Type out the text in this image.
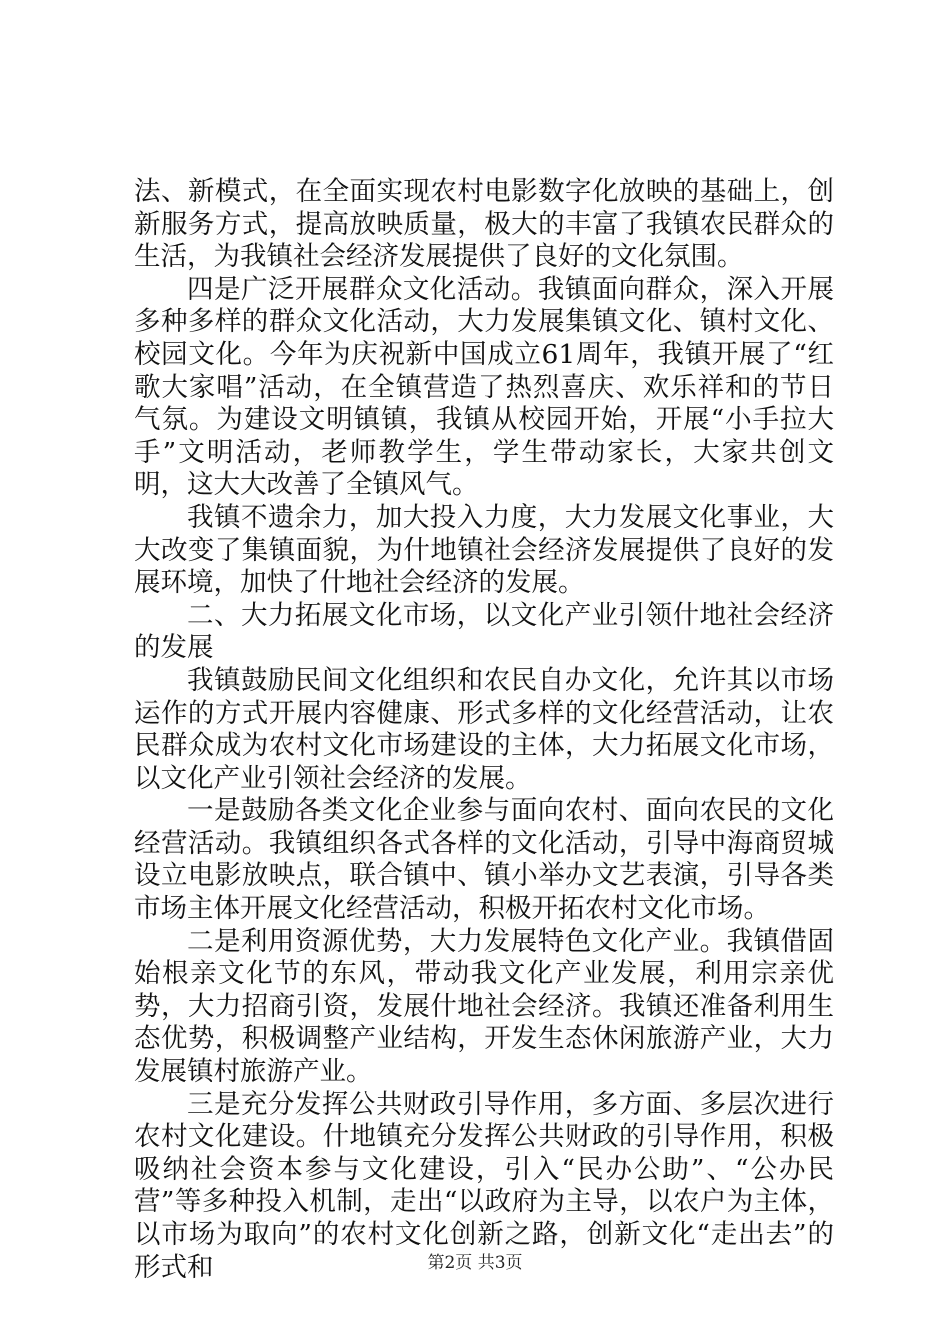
法、新模式，在全面实现农村电影数字化放映的基础上，创新服务方式，提高放映质量，极大的丰富了我镇农民群众的生活，为我镇社会经济发展提供了良好的文化氛围。

四是广泛开展群众文化活动。我镇面向群众，深入开展多种多样的群众文化活动，大力发展集镇文化、镇村文化、校园文化。今年为庆祝新中国成立61周年，我镇开展了“红歌大家唱”活动，在全镇营造了热烈喜庆、欢乐祥和的节日气氛。为建设文明镇镇，我镇从校园开始，开展“小手拉大手”文明活动，老师教学生，学生带动家长，大家共创文明，这大大改善了全镇风气。

我镇不遗余力，加大投入力度，大力发展文化事业，大大改变了集镇面貌，为什地镇社会经济发展提供了良好的发展环境，加快了什地社会经济的发展。

二、大力拓展文化市场，以文化产业引领什地社会经济的发展

我镇鼓励民间文化组织和农民自办文化，允许其以市场运作的方式开展内容健康、形式多样的文化经营活动，让农民群众成为农村文化市场建设的主体，大力拓展文化市场，以文化产业引领社会经济的发展。

一是鼓励各类文化企业参与面向农村、面向农民的文化经营活动。我镇组织各式各样的文化活动，引导中海商贸城设立电影放映点，联合镇中、镇小举办文艺表演，引导各类市场主体开展文化经营活动，积极开拓农村文化市场。

二是利用资源优势，大力发展特色文化产业。我镇借固始根亲文化节的东风，带动我文化产业发展，利用宗亲优势，大力招商引资，发展什地社会经济。我镇还准备利用生态优势，积极调整产业结构，开发生态休闲旅游产业，大力发展镇村旅游产业。

三是充分发挥公共财政引导作用，多方面、多层次进行农村文化建设。什地镇充分发挥公共财政的引导作用，积极吸纳社会资本参与文化建设，引入“民办公助”、“公办民营”等多种投入机制，走出“以政府为主导，以农户为主体，以市场为取向”的农村文化创新之路，创新文化“走出去”的形式和	第2页 共3页
